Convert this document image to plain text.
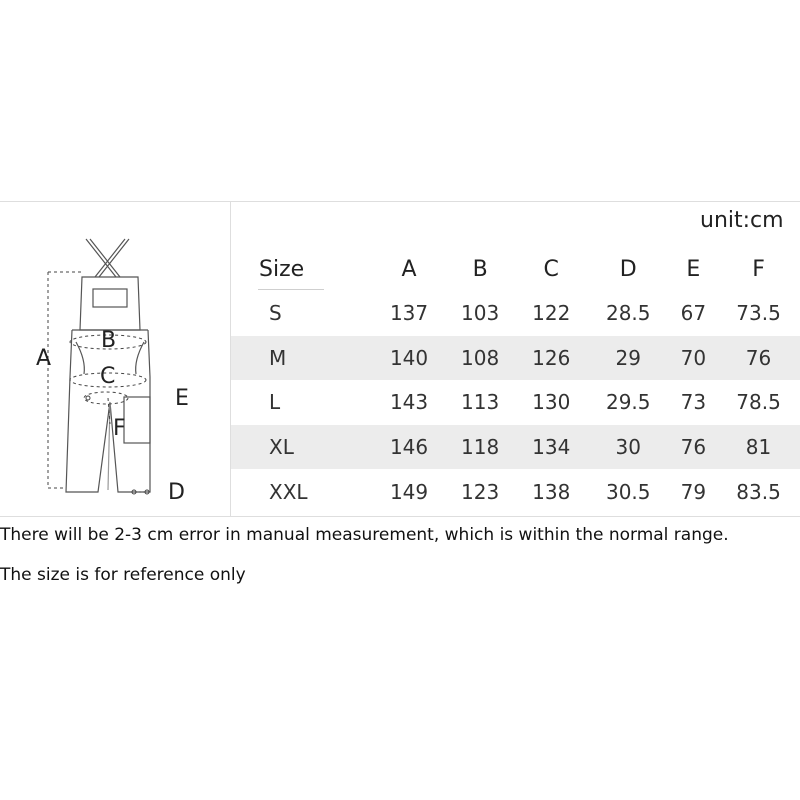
A
B
C
D
E
F
unit:cm
Size	A	B	C	D	E	F
S	137	103	122	28.5	67	73.5
M	140	108	126	29	70	76
L	143	113	130	29.5	73	78.5
XL	146	118	134	30	76	81
XXL	149	123	138	30.5	79	83.5
There will be 2-3 cm error in manual measurement, which is within the normal range.
The size is for reference only
